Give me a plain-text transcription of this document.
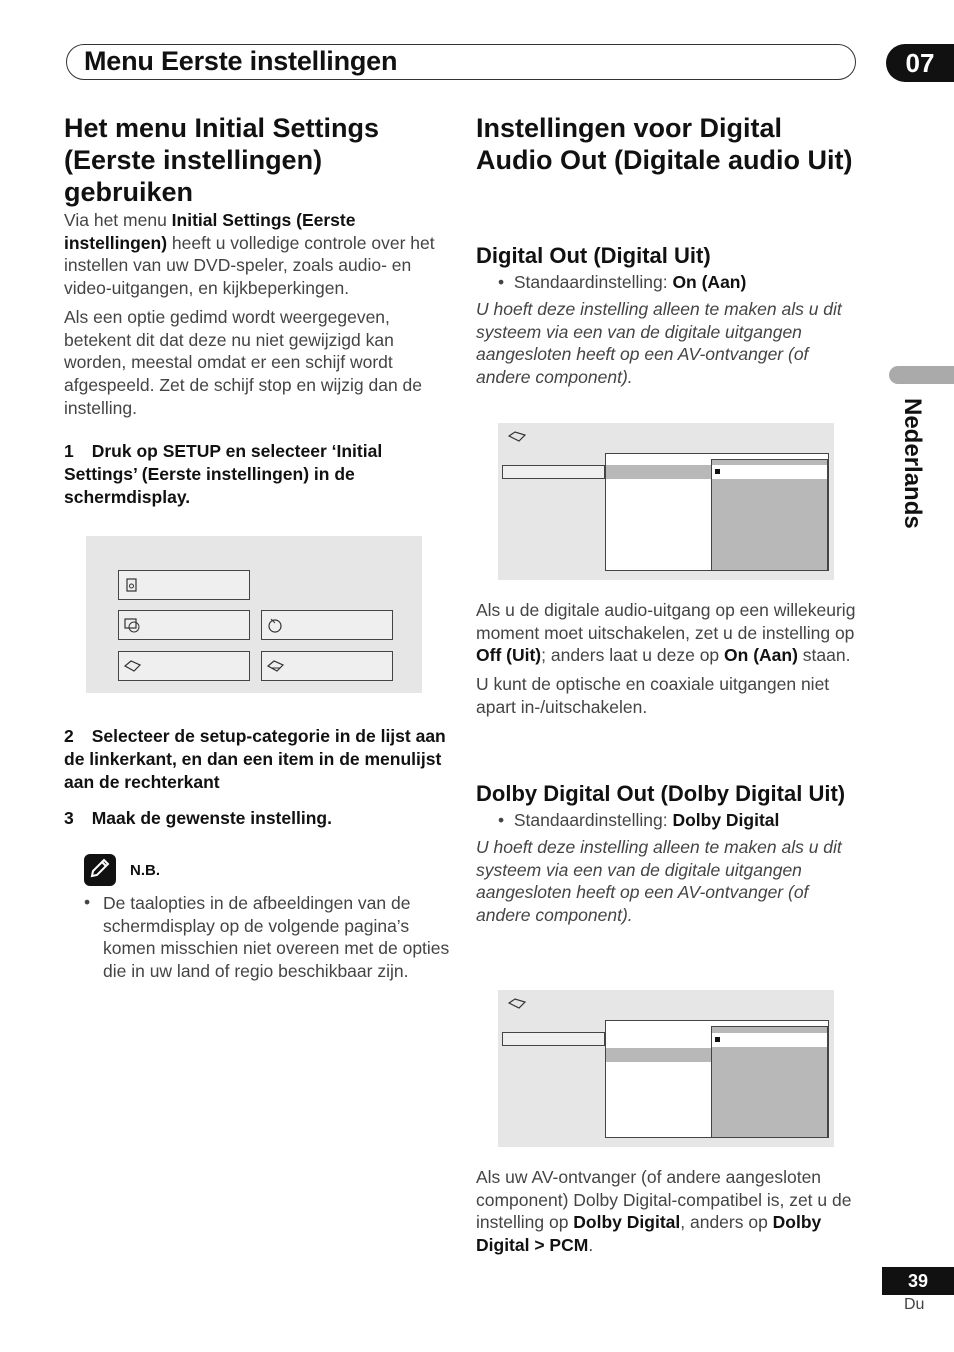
Menu Eerste instellingen	07
Nederlands
Het menu Initial Settings (Eerste instellingen) gebruiken

Via het menu Initial Settings (Eerste instellingen) heeft u volledige controle over het instellen van uw DVD-speler, zoals audio- en video-uitgangen, en kijkbeperkingen.

Als een optie gedimd wordt weergegeven, betekent dit dat deze nu niet gewijzigd kan worden, meestal omdat er een schijf wordt afgespeeld. Zet de schijf stop en wijzig dan de instelling.

1 Druk op SETUP en selecteer ‘Initial Settings’ (Eerste instellingen) in de schermdisplay.

2 Selecteer de setup-categorie in de lijst aan de linkerkant, en dan een item in de menulijst aan de rechterkant

3 Maak de gewenste instelling.

N.B.
• De taalopties in de afbeeldingen van de schermdisplay op de volgende pagina’s komen misschien niet overeen met de opties die in uw land of regio beschikbaar zijn.

Instellingen voor Digital Audio Out (Digitale audio Uit)
Digital Out (Digital Uit)
•  Standaardinstelling: On (Aan)

U hoeft deze instelling alleen te maken als u dit systeem via een van de digitale uitgangen aangesloten heeft op een AV-ontvanger (of andere component).

Als u de digitale audio-uitgang op een willekeurig moment moet uitschakelen, zet u de instelling op Off (Uit); anders laat u deze op On (Aan) staan.

U kunt de optische en coaxiale uitgangen niet apart in-/uitschakelen.

Dolby Digital Out (Dolby Digital Uit)
•  Standaardinstelling: Dolby Digital

U hoeft deze instelling alleen te maken als u dit systeem via een van de digitale uitgangen aangesloten heeft op een AV-ontvanger (of andere component).

Als uw AV-ontvanger (of andere aangesloten component) Dolby Digital-compatibel is, zet u de instelling op Dolby Digital, anders op Dolby Digital > PCM.

39
Du
